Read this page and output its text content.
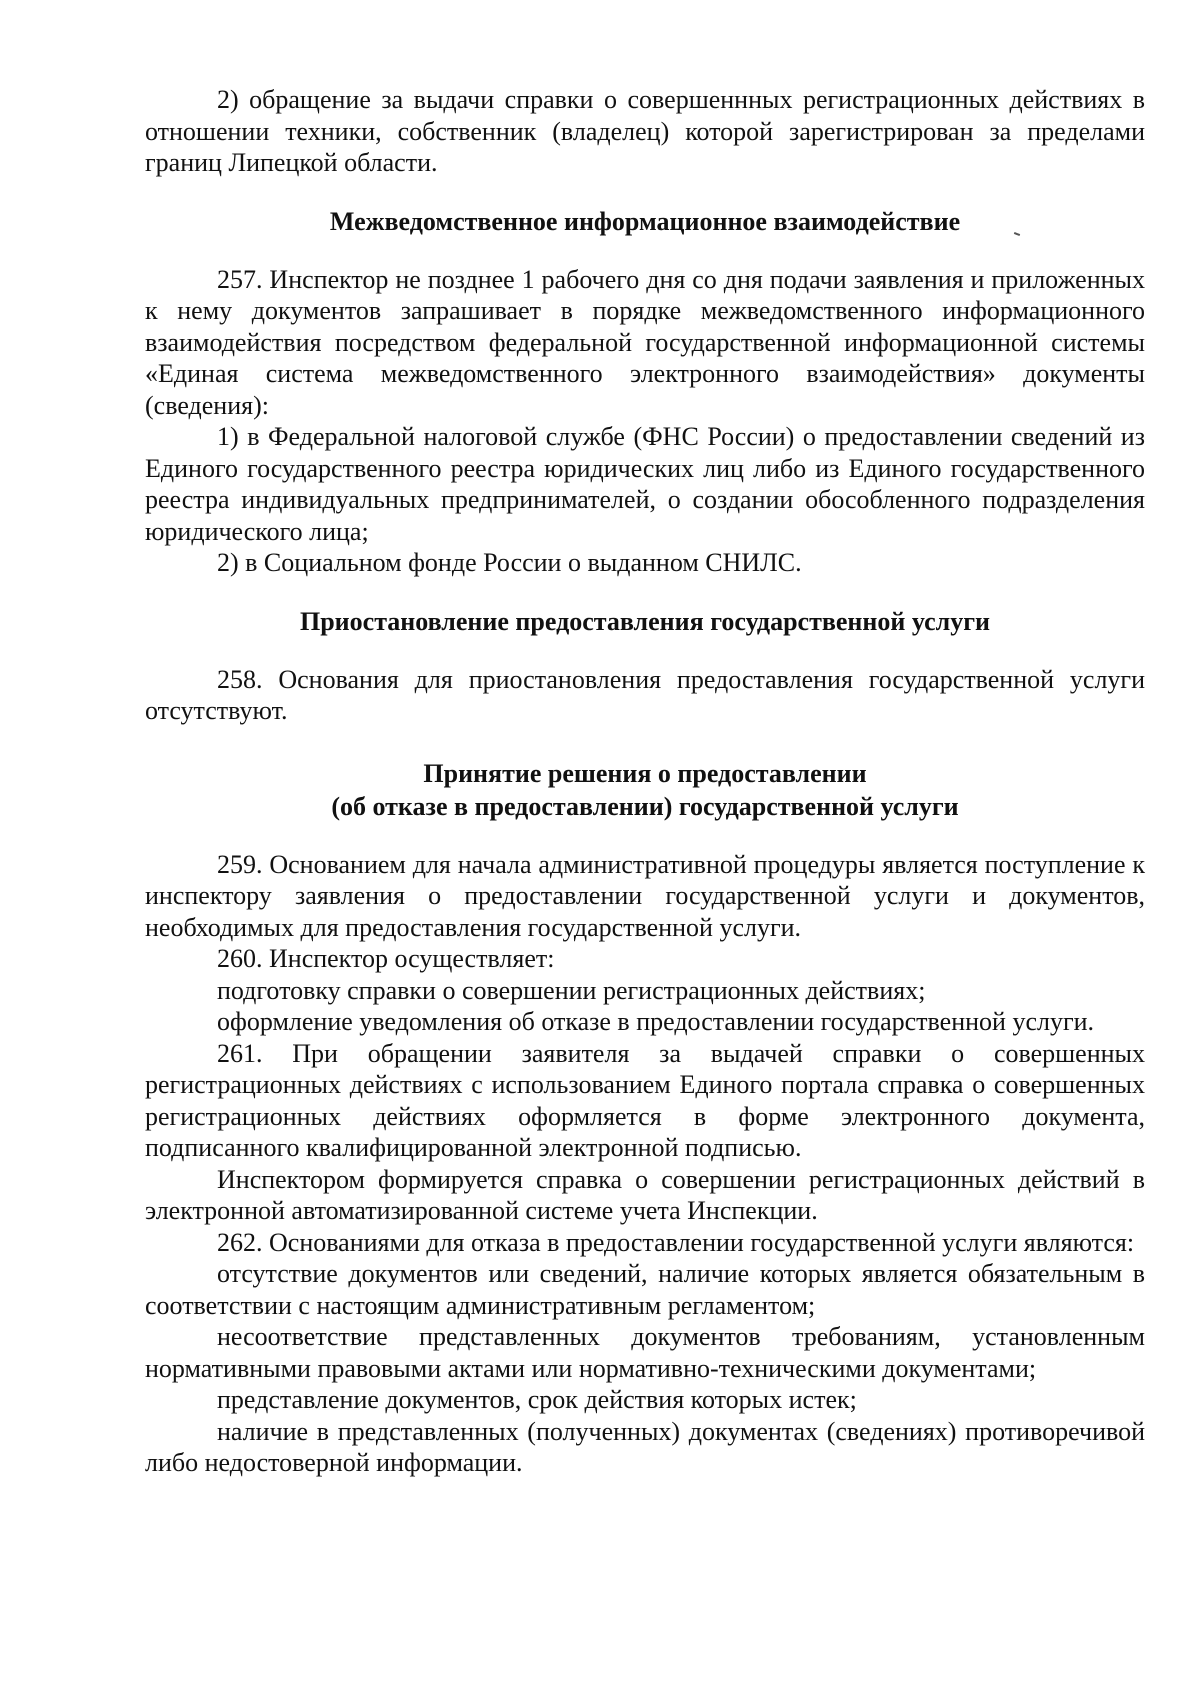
2) обращение за выдачи справки о совершеннных регистрационных действиях в отношении техники, собственник (владелец) которой зарегистрирован за пределами границ Липецкой области.

Межведомственное информационное взаимодействие

257. Инспектор не позднее 1 рабочего дня со дня подачи заявления и приложенных к нему документов запрашивает в порядке межведомственного информационного взаимодействия посредством федеральной государственной информационной системы «Единая система межведомственного электронного взаимодействия» документы (сведения):

1) в Федеральной налоговой службе (ФНС России) о предоставлении сведений из Единого государственного реестра юридических лиц либо из Единого государственного реестра индивидуальных предпринимателей, о создании обособленного подразделения юридического лица;

2) в Социальном фонде России о выданном СНИЛС.

Приостановление предоставления государственной услуги

258. Основания для приостановления предоставления государственной услуги отсутствуют.

Принятие решения о предоставлении
(об отказе в предоставлении) государственной услуги

259. Основанием для начала административной процедуры является поступление к инспектору заявления о предоставлении государственной услуги и документов, необходимых для предоставления государственной услуги.

260. Инспектор осуществляет:

подготовку справки о совершении регистрационных действиях;

оформление уведомления об отказе в предоставлении государственной услуги.

261. При обращении заявителя за выдачей справки о совершенных регистрационных действиях с использованием Единого портала справка о совершенных регистрационных действиях оформляется в форме электронного документа, подписанного квалифицированной электронной подписью.

Инспектором формируется справка о совершении регистрационных действий в электронной автоматизированной системе учета Инспекции.

262. Основаниями для отказа в предоставлении государственной услуги являются:

отсутствие документов или сведений, наличие которых является обязательным в соответствии с настоящим административным регламентом;

несоответствие представленных документов требованиям, установленным нормативными правовыми актами или нормативно-техническими документами;

представление документов, срок действия которых истек;

наличие в представленных (полученных) документах (сведениях) противоречивой либо недостоверной информации.
